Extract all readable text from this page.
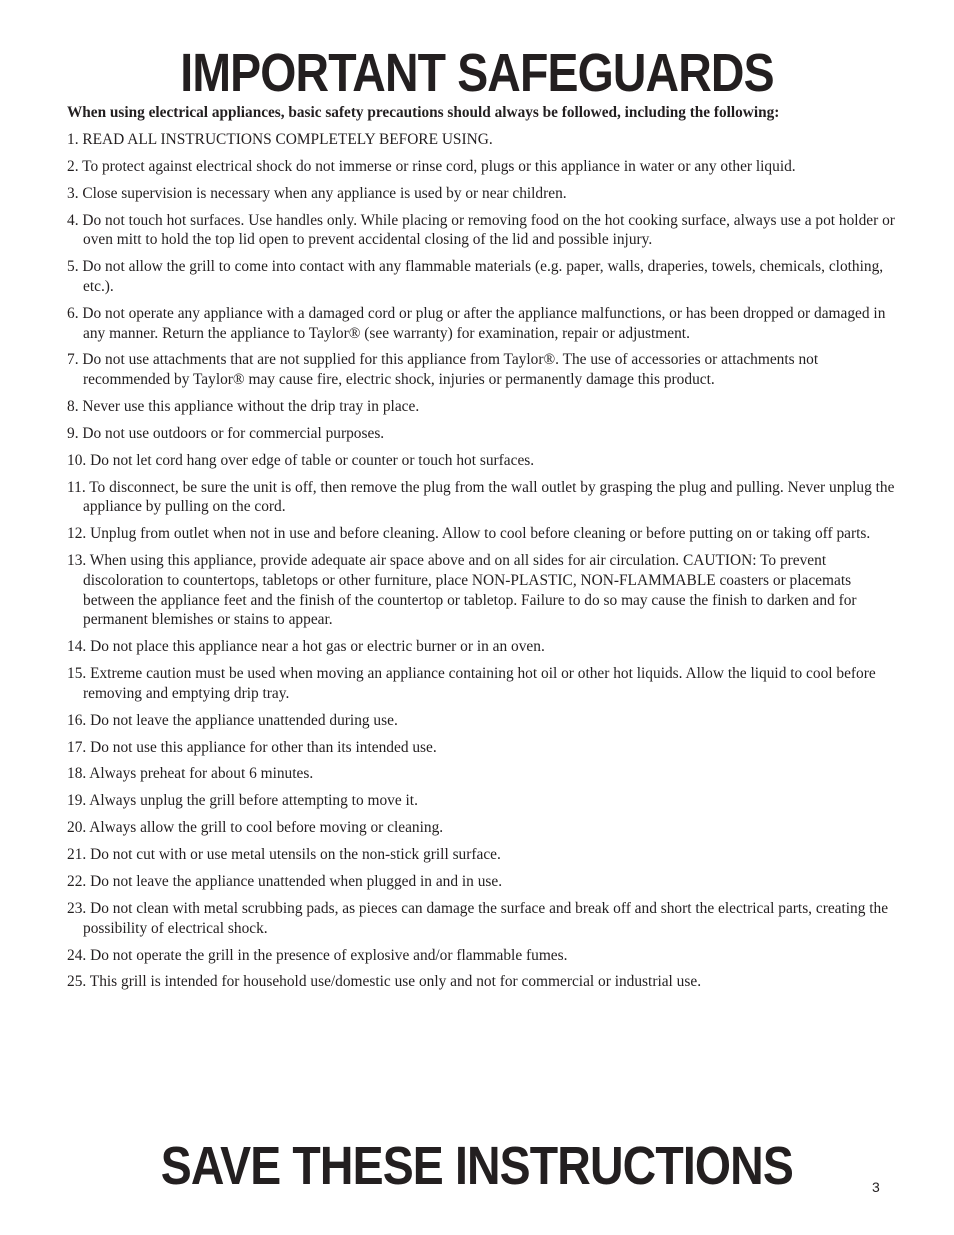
IMPORTANT SAFEGUARDS

When using electrical appliances, basic safety precautions should always be followed, including the following:

1. READ ALL INSTRUCTIONS COMPLETELY BEFORE USING.
2. To protect against electrical shock do not immerse or rinse cord, plugs or this appliance in water or any other liquid.
3. Close supervision is necessary when any appliance is used by or near children.
4. Do not touch hot surfaces. Use handles only. While placing or removing food on the hot cooking surface, always use a pot holder or oven mitt to hold the top lid open to prevent accidental closing of the lid and possible injury.
5. Do not allow the grill to come into contact with any flammable materials (e.g. paper, walls, draperies, towels, chemicals, clothing, etc.).
6. Do not operate any appliance with a damaged cord or plug or after the appliance malfunctions, or has been dropped or damaged in any manner. Return the appliance to Taylor® (see warranty) for examination, repair or adjustment.
7. Do not use attachments that are not supplied for this appliance from Taylor®. The use of accessories or attachments not recommended by Taylor® may cause fire, electric shock, injuries or permanently damage this product.
8. Never use this appliance without the drip tray in place.
9. Do not use outdoors or for commercial purposes.
10. Do not let cord hang over edge of table or counter or touch hot surfaces.
11. To disconnect, be sure the unit is off, then remove the plug from the wall outlet by grasping the plug and pulling. Never unplug the appliance by pulling on the cord.
12. Unplug from outlet when not in use and before cleaning. Allow to cool before cleaning or before putting on or taking off parts.
13. When using this appliance, provide adequate air space above and on all sides for air circulation. CAUTION: To prevent discoloration to countertops, tabletops or other furniture, place NON-PLASTIC, NON-FLAMMABLE coasters or placemats between the appliance feet and the finish of the countertop or tabletop. Failure to do so may cause the finish to darken and for permanent blemishes or stains to appear.
14. Do not place this appliance near a hot gas or electric burner or in an oven.
15. Extreme caution must be used when moving an appliance containing hot oil or other hot liquids. Allow the liquid to cool before removing and emptying drip tray.
16. Do not leave the appliance unattended during use.
17. Do not use this appliance for other than its intended use.
18. Always preheat for about 6 minutes.
19. Always unplug the grill before attempting to move it.
20. Always allow the grill to cool before moving or cleaning.
21. Do not cut with or use metal utensils on the non-stick grill surface.
22. Do not leave the appliance unattended when plugged in and in use.
23. Do not clean with metal scrubbing pads, as pieces can damage the surface and break off and short the electrical parts, creating the possibility of electrical shock.
24. Do not operate the grill in the presence of explosive and/or flammable fumes.
25. This grill is intended for household use/domestic use only and not for commercial or industrial use.
SAVE THESE INSTRUCTIONS	3
